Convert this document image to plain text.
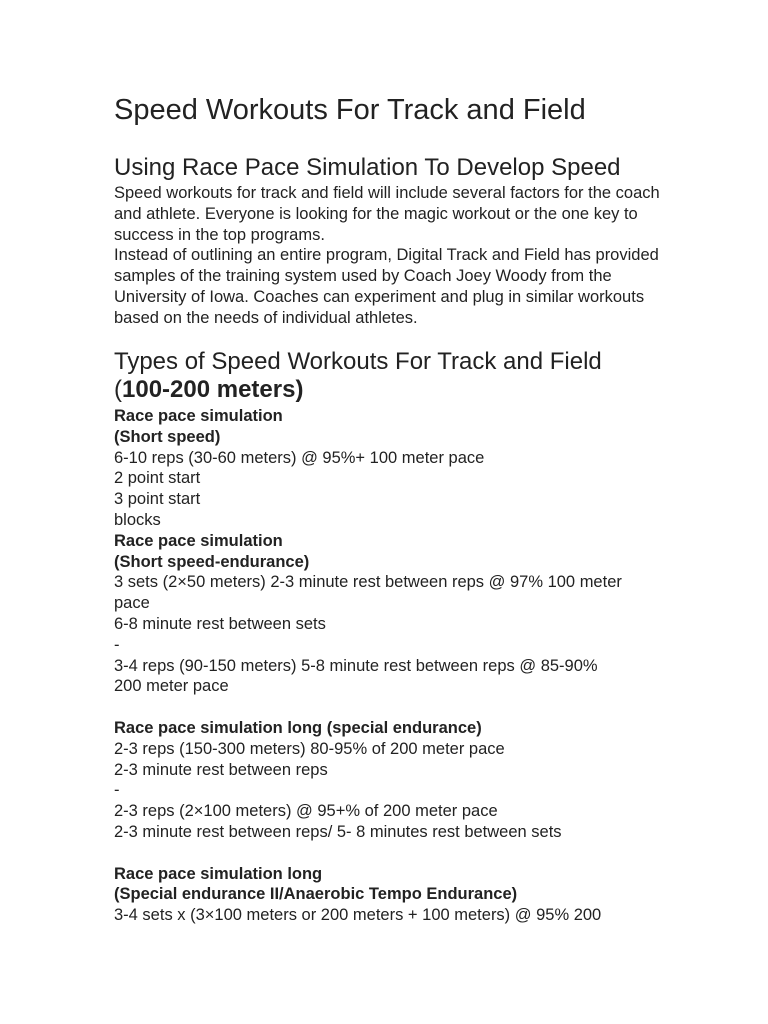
Speed Workouts For Track and Field
Using Race Pace Simulation To Develop Speed

Speed workouts for track and field will include several factors for the coach and athlete. Everyone is looking for the magic workout or the one key to success in the top programs.

Instead of outlining an entire program, Digital Track and Field has provided samples of the training system used by Coach Joey Woody from the University of Iowa. Coaches can experiment and plug in similar workouts based on the needs of individual athletes.

Types of Speed Workouts For Track and Field
(100-200 meters)
Race pace simulation
(Short speed)
6-10 reps (30-60 meters) @ 95%+ 100 meter pace
2 point start
3 point start
blocks
Race pace simulation
(Short speed-endurance)
3 sets (2×50 meters) 2-3 minute rest between reps @ 97% 100 meter
pace
6-8 minute rest between sets
-
3-4 reps (90-150 meters) 5-8 minute rest between reps @ 85-90%
200 meter pace
Race pace simulation long (special endurance)
2-3 reps (150-300 meters) 80-95% of 200 meter pace
2-3 minute rest between reps
-
2-3 reps (2×100 meters) @ 95+% of 200 meter pace
2-3 minute rest between reps/ 5- 8 minutes rest between sets
Race pace simulation long
(Special endurance II/Anaerobic Tempo Endurance)
3-4 sets x (3×100 meters or 200 meters + 100 meters) @ 95% 200
